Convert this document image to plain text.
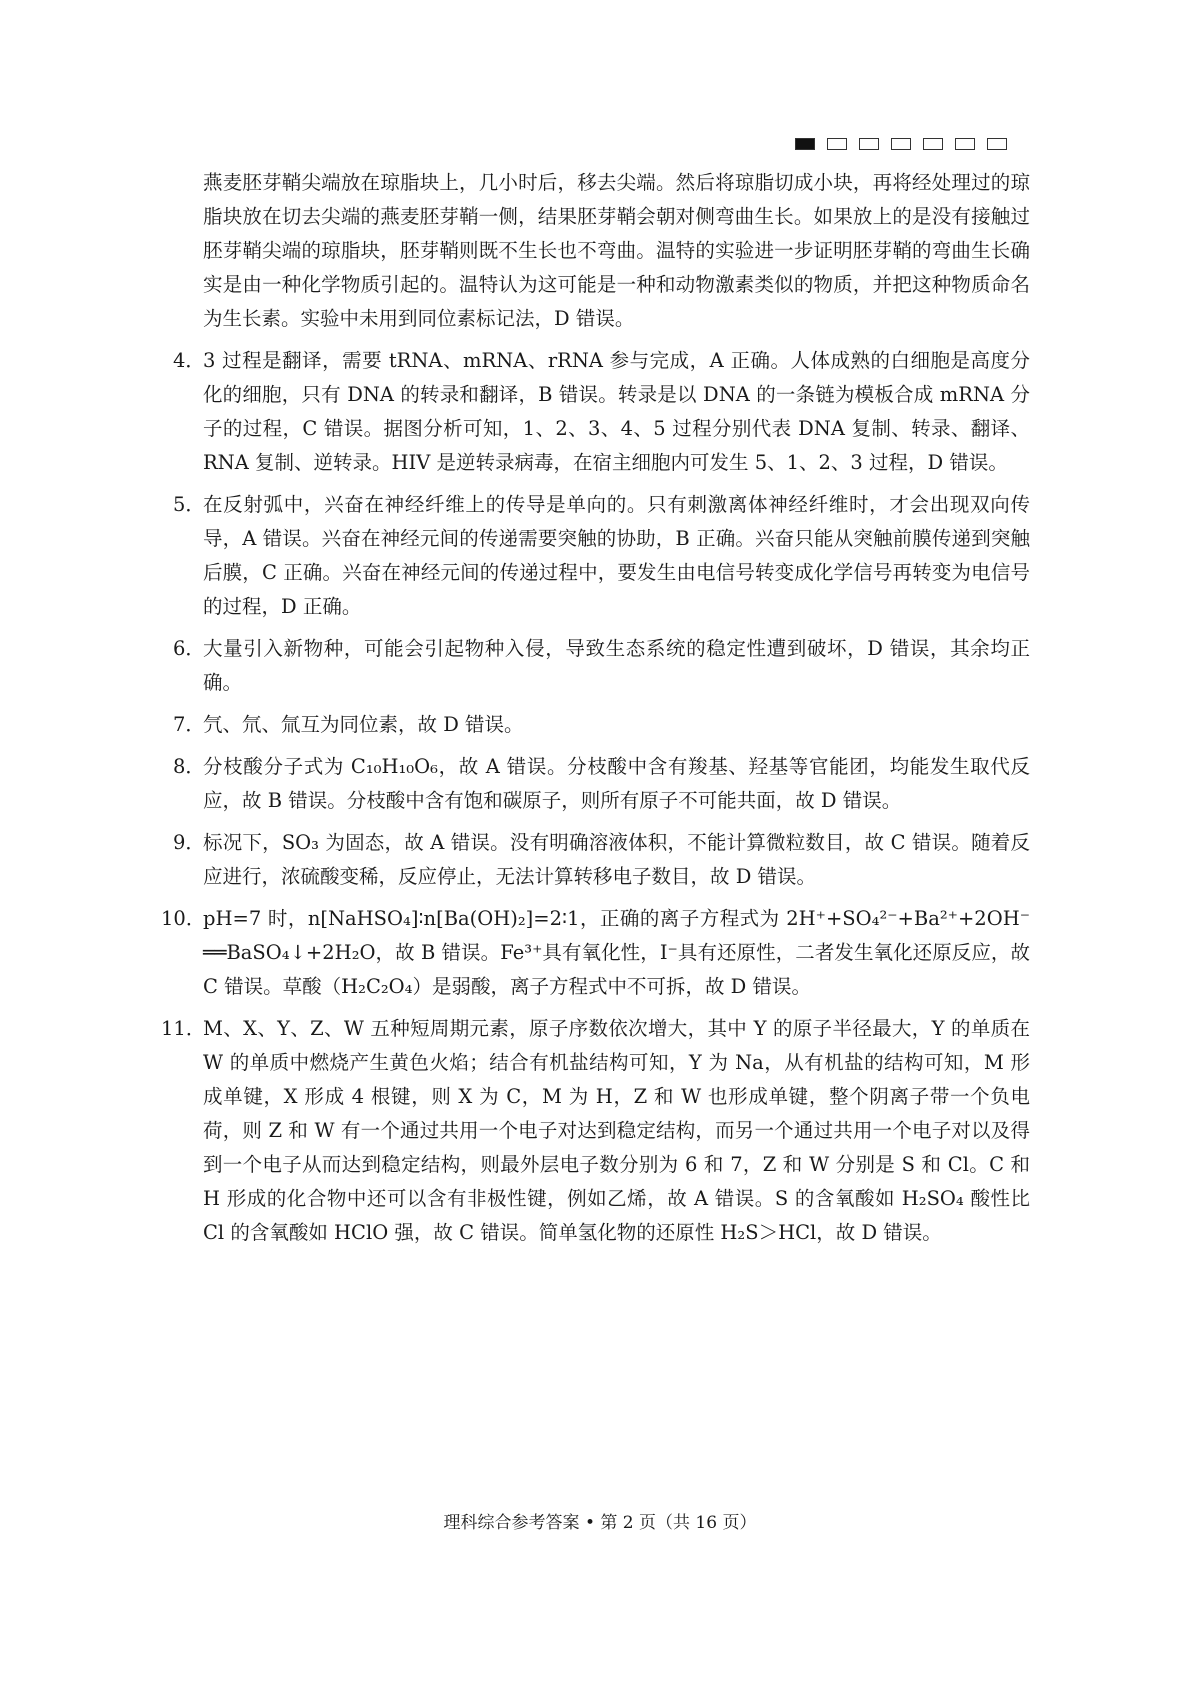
燕麦胚芽鞘尖端放在琼脂块上，几小时后，移去尖端。然后将琼脂切成小块，再将经处理过的琼脂块放在切去尖端的燕麦胚芽鞘一侧，结果胚芽鞘会朝对侧弯曲生长。如果放上的是没有接触过胚芽鞘尖端的琼脂块，胚芽鞘则既不生长也不弯曲。温特的实验进一步证明胚芽鞘的弯曲生长确实是由一种化学物质引起的。温特认为这可能是一种和动物激素类似的物质，并把这种物质命名为生长素。实验中未用到同位素标记法，D 错误。

4．

3 过程是翻译，需要 tRNA、mRNA、rRNA 参与完成，A 正确。人体成熟的白细胞是高度分化的细胞，只有 DNA 的转录和翻译，B 错误。转录是以 DNA 的一条链为模板合成 mRNA 分子的过程，C 错误。据图分析可知，1、2、3、4、5 过程分别代表 DNA 复制、转录、翻译、RNA 复制、逆转录。HIV 是逆转录病毒，在宿主细胞内可发生 5、1、2、3 过程，D 错误。

5．

在反射弧中，兴奋在神经纤维上的传导是单向的。只有刺激离体神经纤维时，才会出现双向传导，A 错误。兴奋在神经元间的传递需要突触的协助，B 正确。兴奋只能从突触前膜传递到突触后膜，C 正确。兴奋在神经元间的传递过程中，要发生由电信号转变成化学信号再转变为电信号的过程，D 正确。

6．

大量引入新物种，可能会引起物种入侵，导致生态系统的稳定性遭到破坏，D 错误，其余均正确。

7．

氕、氘、氚互为同位素，故 D 错误。

8．

分枝酸分子式为 C₁₀H₁₀O₆，故 A 错误。分枝酸中含有羧基、羟基等官能团，均能发生取代反应，故 B 错误。分枝酸中含有饱和碳原子，则所有原子不可能共面，故 D 错误。

9．

标况下，SO₃ 为固态，故 A 错误。没有明确溶液体积，不能计算微粒数目，故 C 错误。随着反应进行，浓硫酸变稀，反应停止，无法计算转移电子数目，故 D 错误。

10．

pH=7 时，n[NaHSO₄]∶n[Ba(OH)₂]=2∶1，正确的离子方程式为 2H⁺+SO₄²⁻+Ba²⁺+2OH⁻ ══BaSO₄↓+2H₂O，故 B 错误。Fe³⁺具有氧化性，I⁻具有还原性，二者发生氧化还原反应，故 C 错误。草酸（H₂C₂O₄）是弱酸，离子方程式中不可拆，故 D 错误。

11．

M、X、Y、Z、W 五种短周期元素，原子序数依次增大，其中 Y 的原子半径最大，Y 的单质在 W 的单质中燃烧产生黄色火焰；结合有机盐结构可知，Y 为 Na，从有机盐的结构可知，M 形成单键，X 形成 4 根键，则 X 为 C，M 为 H，Z 和 W 也形成单键，整个阴离子带一个负电荷，则 Z 和 W 有一个通过共用一个电子对达到稳定结构，而另一个通过共用一个电子对以及得到一个电子从而达到稳定结构，则最外层电子数分别为 6 和 7，Z 和 W 分别是 S 和 Cl。C 和 H 形成的化合物中还可以含有非极性键，例如乙烯，故 A 错误。S 的含氧酸如 H₂SO₄ 酸性比 Cl 的含氧酸如 HClO 强，故 C 错误。简单氢化物的还原性 H₂S＞HCl，故 D 错误。

理科综合参考答案 • 第 2 页（共 16 页）
